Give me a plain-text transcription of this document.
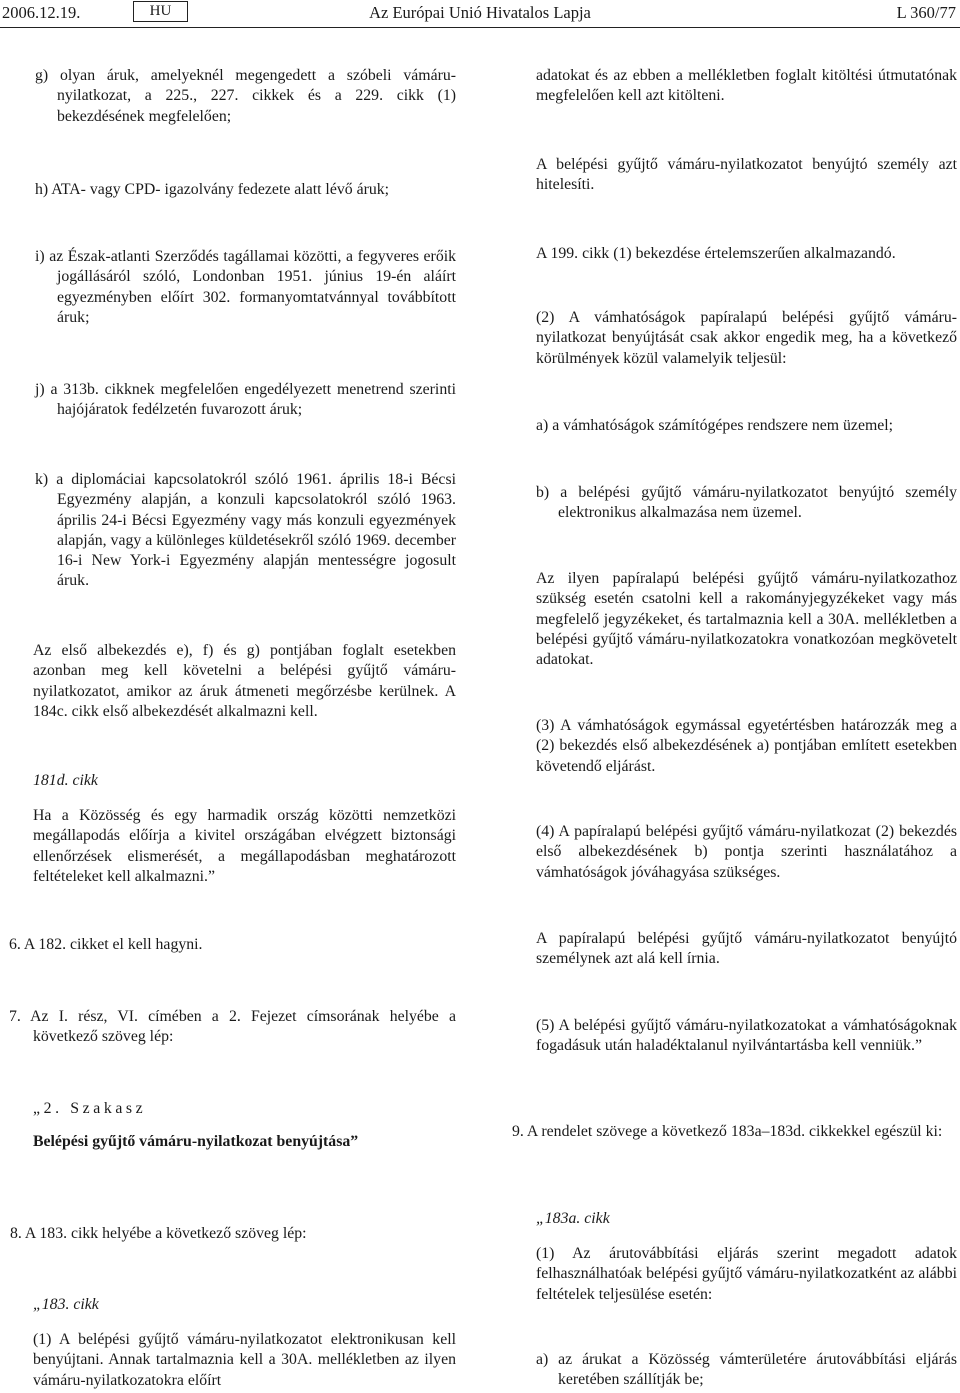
2006.12.19.	Az Európai Unió Hivatalos Lapja
HU	L 360/77

g) olyan áruk, amelyeknél megengedett a szóbeli vámáru-nyilatkozat, a 225., 227. cikkek és a 229. cikk (1) bekezdésének megfelelően;

h) ATA- vagy CPD- igazolvány fedezete alatt lévő áruk;

i) az Észak-atlanti Szerződés tagállamai közötti, a fegyveres erőik jogállásáról szóló, Londonban 1951. június 19-én aláírt egyezményben előírt 302. formanyomtatvánnyal továbbított áruk;

j) a 313b. cikknek megfelelően engedélyezett menetrend szerinti hajójáratok fedélzetén fuvarozott áruk;

k) a diplomáciai kapcsolatokról szóló 1961. április 18-i Bécsi Egyezmény alapján, a konzuli kapcsolatokról szóló 1963. április 24-i Bécsi Egyezmény vagy más konzuli egyezmények alapján, vagy a különleges küldetésekről szóló 1969. december 16-i New York-i Egyezmény alapján mentességre jogosult áruk.

Az első albekezdés e), f) és g) pontjában foglalt esetekben azonban meg kell követelni a belépési gyűjtő vámáru-nyilatkozatot, amikor az áruk átmeneti megőrzésbe kerülnek. A 184c. cikk első albekezdését alkalmazni kell.

181d. cikk

Ha a Közösség és egy harmadik ország közötti nemzetközi megállapodás előírja a kivitel országában elvégzett biztonsági ellenőrzések elismerését, a megállapodásban meghatározott feltételeket kell alkalmazni.”

6. A 182. cikket el kell hagyni.

7. Az I. rész, VI. címében a 2. Fejezet címsorának helyébe a következő szöveg lép:

„2. Szakasz

Belépési gyűjtő vámáru-nyilatkozat benyújtása”

8. A 183. cikk helyébe a következő szöveg lép:

„183. cikk

(1) A belépési gyűjtő vámáru-nyilatkozatot elektronikusan kell benyújtani. Annak tartalmaznia kell a 30A. mellékletben az ilyen vámáru-nyilatkozatokra előírt

adatokat és az ebben a mellékletben foglalt kitöltési útmutatónak megfelelően kell azt kitölteni.

A belépési gyűjtő vámáru-nyilatkozatot benyújtó személy azt hitelesíti.

A 199. cikk (1) bekezdése értelemszerűen alkalmazandó.

(2) A vámhatóságok papíralapú belépési gyűjtő vámáru-nyilatkozat benyújtását csak akkor engedik meg, ha a következő körülmények közül valamelyik teljesül:

a) a vámhatóságok számítógépes rendszere nem üzemel;

b) a belépési gyűjtő vámáru-nyilatkozatot benyújtó személy elektronikus alkalmazása nem üzemel.

Az ilyen papíralapú belépési gyűjtő vámáru-nyilatkozathoz szükség esetén csatolni kell a rakományjegyzékeket vagy más megfelelő jegyzékeket, és tartalmaznia kell a 30A. mellékletben a belépési gyűjtő vámáru-nyilatkozatokra vonatkozóan megkövetelt adatokat.

(3) A vámhatóságok egymással egyetértésben határozzák meg a (2) bekezdés első albekezdésének a) pontjában említett esetekben követendő eljárást.

(4) A papíralapú belépési gyűjtő vámáru-nyilatkozat (2) bekezdés első albekezdésének b) pontja szerinti használatához a vámhatóságok jóváhagyása szükséges.

A papíralapú belépési gyűjtő vámáru-nyilatkozatot benyújtó személynek azt alá kell írnia.

(5) A belépési gyűjtő vámáru-nyilatkozatokat a vámhatóságoknak fogadásuk után haladéktalanul nyilvántartásba kell venniük.”

9. A rendelet szövege a következő 183a–183d. cikkekkel egészül ki:

„183a. cikk

(1) Az árutovábbítási eljárás szerint megadott adatok felhasználhatóak belépési gyűjtő vámáru-nyilatkozatként az alábbi feltételek teljesülése esetén:

a) az árukat a Közösség vámterületére árutovábbítási eljárás keretében szállítják be;
